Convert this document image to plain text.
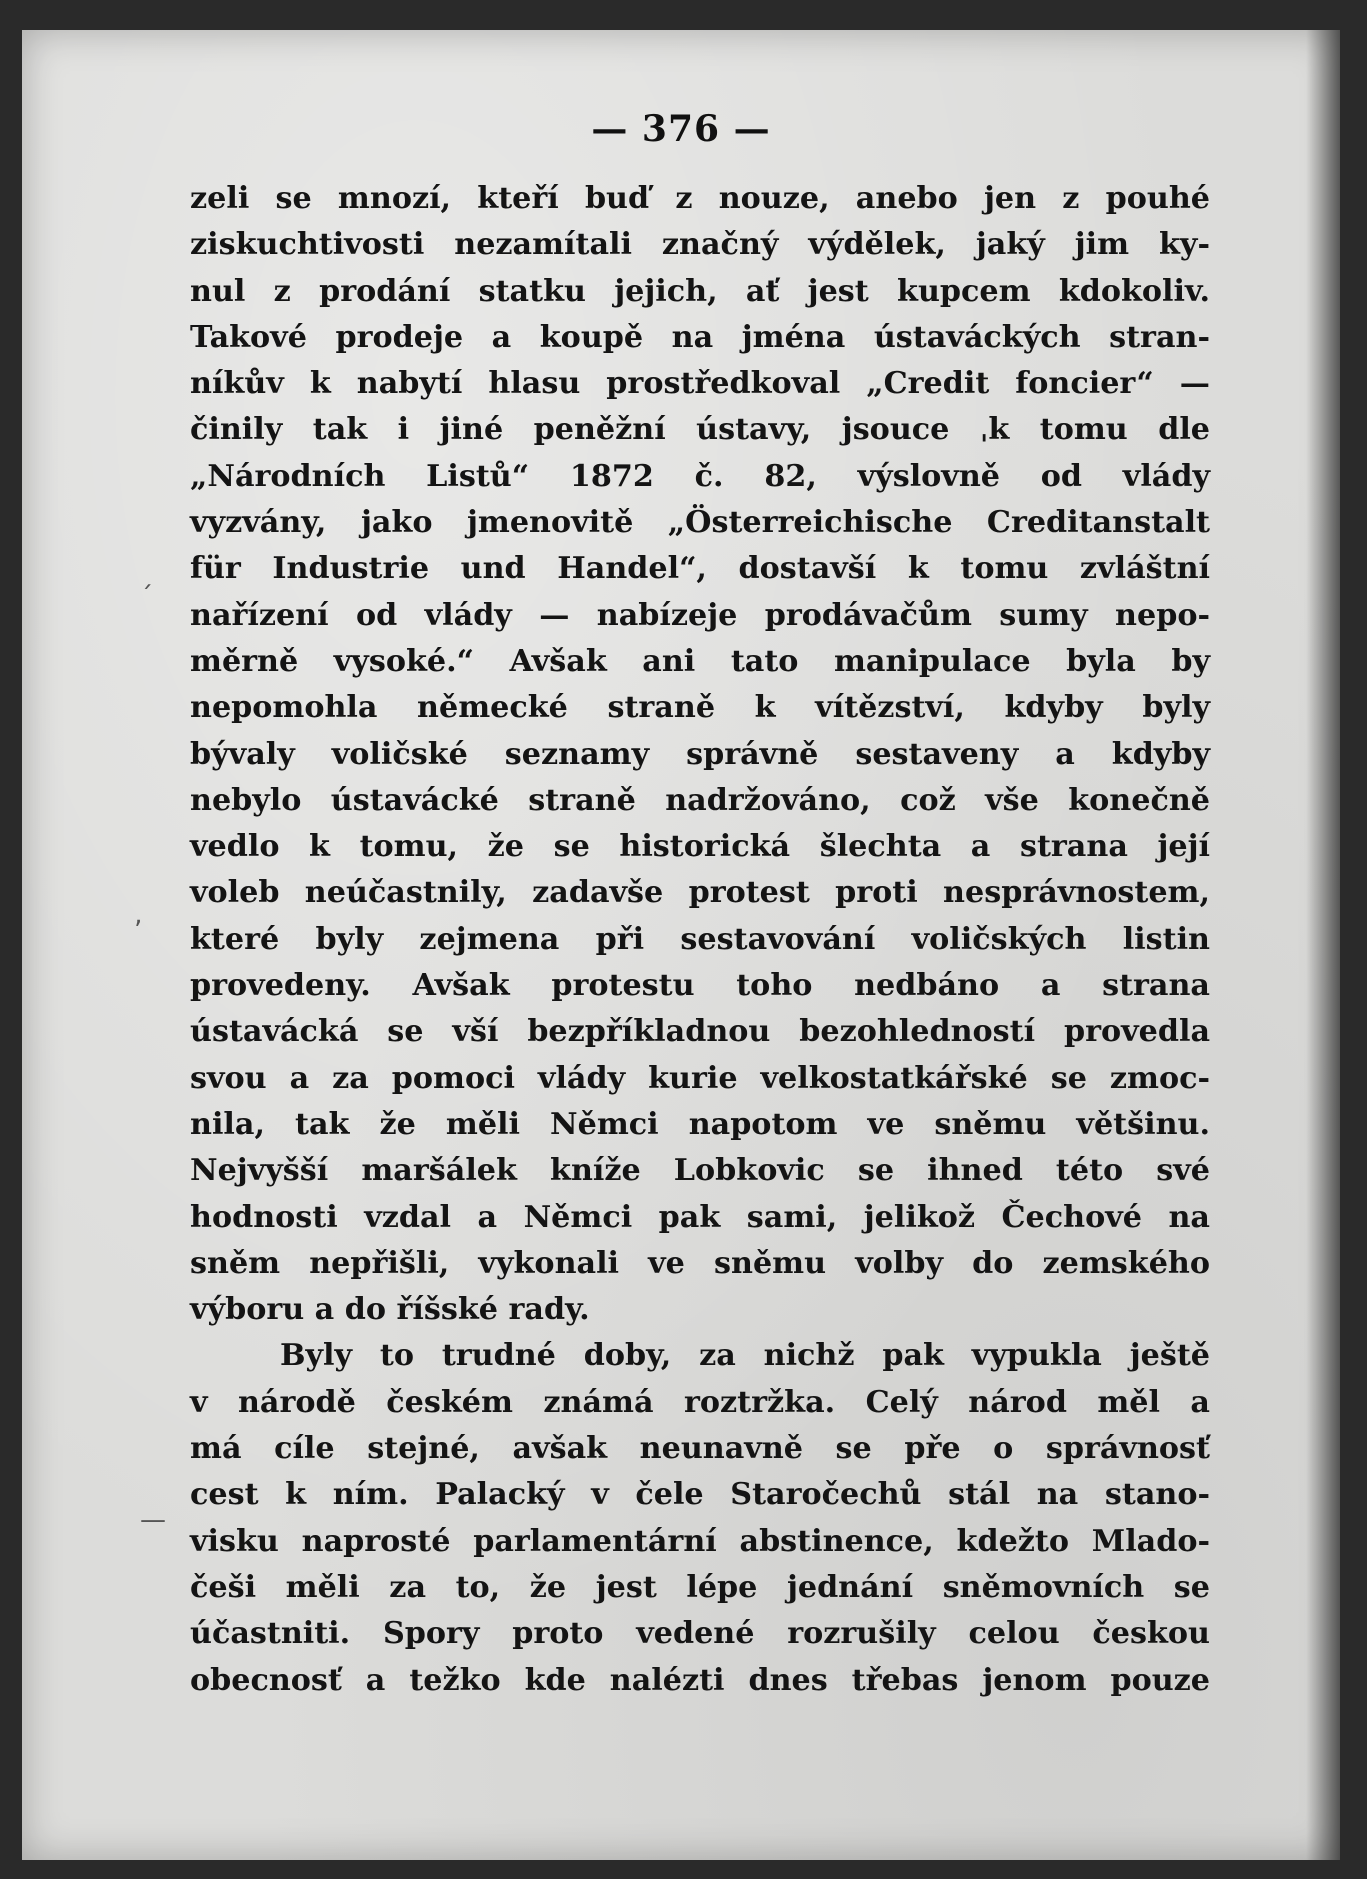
— 376 —
zeli se mnozí, kteří buď z nouze, anebo jen z pouhé
ziskuchtivosti nezamítali značný výdělek, jaký jim ky-
nul z prodání statku jejich, ať jest kupcem kdokoliv.
Takové prodeje a koupě na jména ústaváckých stran-
níkův k nabytí hlasu prostředkoval „Credit foncier“ —
činily tak i jiné peněžní ústavy, jsouce ˌk tomu dle
„Národních Listů“ 1872 č. 82, výslovně od vlády
vyzvány, jako jmenovitě „Österreichische Creditanstalt
für Industrie und Handel“, dostavší k tomu zvláštní
nařízení od vlády — nabízeje prodávačům sumy nepo-
měrně vysoké.“ Avšak ani tato manipulace byla by
nepomohla německé straně k vítězství, kdyby byly
bývaly voličské seznamy správně sestaveny a kdyby
nebylo ústavácké straně nadržováno, což vše konečně
vedlo k tomu, že se historická šlechta a strana její
voleb neúčastnily, zadavše protest proti nesprávnostem,
které byly zejmena při sestavování voličských listin
provedeny. Avšak protestu toho nedbáno a strana
ústavácká se vší bezpříkladnou bezohledností provedla
svou a za pomoci vlády kurie velkostatkářské se zmoc-
nila, tak že měli Němci napotom ve sněmu většinu.
Nejvyšší maršálek kníže Lobkovic se ihned této své
hodnosti vzdal a Němci pak sami, jelikož Čechové na
sněm nepřišli, vykonali ve sněmu volby do zemského
výboru a do říšské rady.
Byly to trudné doby, za nichž pak vypukla ještě
v národě českém známá roztržka. Celý národ měl a
má cíle stejné, avšak neunavně se pře o správnosť
cest k ním. Palacký v čele Staročechů stál na stano-
visku naprosté parlamentární abstinence, kdežto Mlado-
češi měli za to, že jest lépe jednání sněmovních se
účastniti. Spory proto vedené rozrušily celou českou
obecnosť a težko kde nalézti dnes třebas jenom pouze
´
‚
—
